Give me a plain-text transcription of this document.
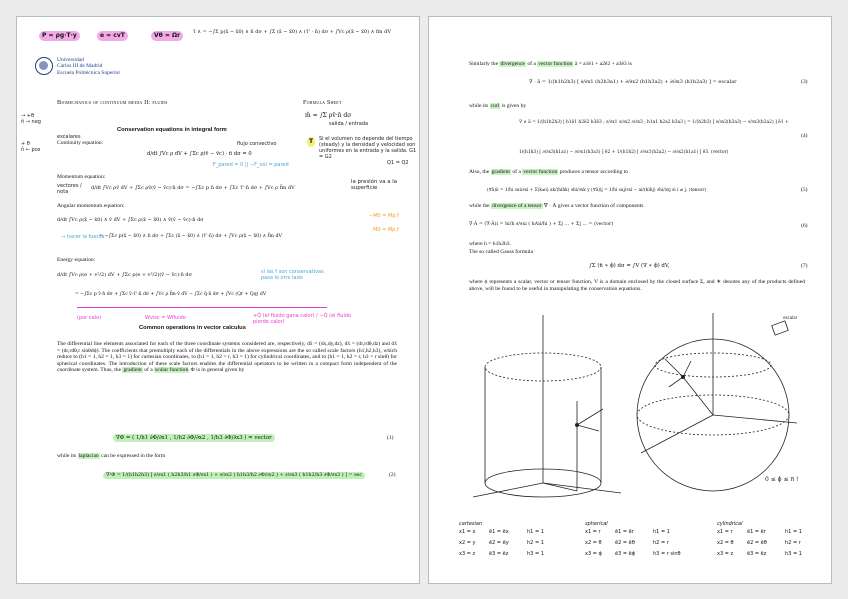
P = ρg·T·y	e = cvT	Vθ = Ωr	τ̄ ∧ = −∫Σ p(x̄ − x̄0) ∧ n̄ dσ + ∫Σ (x̄ − x̄0) ∧ (τ̄' · n̄) dσ + ∫Vc ρ(x̄ − x̄0) ∧ f̄m dV
Universidad
Carlos III de Madrid
Escuela Politécnica Superior
→ +θ
n̂ → neg
+ θ
n̂ ← pos
Biomechanics of continuum media II: fluids	Formula Sheet
m̂ = ∫Σ ρv̄·n̄ dσ
salida / entrada
Conservation equations in integral form
escalares
Continuity equation:	flujo convectivo
d/dt ∫Vc ρ dV + ∫Σc ρ(v̄ − v̄c) · n̄ dσ = 0
F_pared = 0 || −F_vol = pared
T	Si el volumen no depende del tiempo (steady) y la densidad y velocidad son uniformes en la entrada y la salida. G1 = G2
Q1 = Q2
Momentum equation:
vectores / nota
d/dt ∫Vc ρv̄ dV + ∫Σc ρv̄(v̄ − v̄c)·n̄ dσ = −∫Σc p n̄ dσ + ∫Σc τ̄'·n̄ dσ + ∫Vc ρ f̄m dV
la presión va a la superficie
Angular momentum equation:
d/dt ∫Vc ρ(x̄ − x̄0) ∧ v̄ dV + ∫Σc ρ(x̄ − x̄0) ∧ v̄(v̄ − v̄c)·n̄ dσ
→ hacer la fuerza
= −∫Σc p(x̄ − x̄0) ∧ n̄ dσ + ∫Σc (x̄ − x̄0) ∧ (τ̄'·n̄) dσ + ∫Vc ρ(x̄ − x̄0) ∧ f̄m dV
−M0 = Mp,f
M0 = Mp,f
Energy equation:
d/dt ∫Vc ρ(e + v²/2) dV + ∫Σc ρ(e + v²/2)(v̄ − v̄c)·n̄ dσ	si las f son conservativas pasa lo otro lado
= −∫Σc p v̄·n̄ dσ + ∫Σc v̄·τ̄'·n̄ dσ + ∫Vc ρ f̄m·v̄ dV − ∫Σc q̄·n̄ dσ + ∫Vc (Qr + Qq) dV
(por calo)	Wvisc = Wfluido	+Q̇ (el fluido gana calor) / −Q̇ (el fluido pierde calor)
Common operations in vector calculus
The differential line elements associated for each of the three coordinate systems considered are, respectively, dx̄ = (dx,dy,dz), dx̄ = (dr,rdθ,dz) and dx̄ = (dr,rdθ,r sinθdϕ). The coefficients that premultiply each of the differentials in the above expressions are the so called scale factors (h1,h2,h3), which reduce to (h1 = 1, h2 = 1, h3 = 1) for cartesian coordinates, to (h1 = 1, h2 = r, h3 = 1) for cylindrical coordinates, and to (h1 = 1, h2 = r, h3 = r sinθ) for spherical coordinates. The introduction of these scale factors enables the differential operators to be written in a compact form independent of the coordinate system. Thus, the gradient of a scalar function Φ is in general given by
∇Φ = ( 1/h1 ∂Φ/∂x1 , 1/h2 ∂Φ/∂x2 , 1/h3 ∂Φ/∂x3 ) = vector	(1)
while its laplacian can be expressed in the form
∇²Φ = 1/(h1h2h3) [ ∂/∂x1 ( h2h3/h1 ∂Φ/∂x1 ) + ∂/∂x2 ( h1h3/h2 ∂Φ/∂x2 ) + ∂/∂x3 ( h1h2/h3 ∂Φ/∂x3 ) ] = esc	(2)
Similarly the divergence of a vector function ā = a1ê1 + a2ê2 + a3ê3 is
∇ · ā = 1/(h1h2h3) [ ∂/∂x1 (h2h3a1) + ∂/∂x2 (h1h3a2) + ∂/∂x3 (h1h2a3) ] = escalar	(3)
while its curl is given by
∇ ∧ ā = 1/(h1h2h3) | h1ê1 h2ê2 h3ê3 ; ∂/∂x1 ∂/∂x2 ∂/∂x3 ; h1a1 h2a2 h3a3 | = 1/(h2h3) [ ∂/∂x2(h3a3) − ∂/∂x3(h2a2) ] ê1 +
(4)
1/(h1h3) [ ∂/∂x3(h1a1) − ∂/∂x1(h3a3) ] ê2 + 1/(h1h2) [ ∂/∂x1(h2a2) − ∂/∂x2(h1a1) ] ê3. (vector)
Also, the gradient of a vector function produces a tensor according to
(∇ā)ii = 1/hi ∂ai/∂xi + Σ(k≠i) ak/(hihk) ∂hi/∂xk y (∇ā)ij = 1/hi ∂aj/∂xi − ai/(hihj) ∂hi/∂xj si i ≠ j, (tensor)	(5)
while the divergence of a tensor ∇ · Ā gives a vector function of components
∇·Ā = (∇·Ā)i = hi/h ∂/∂xi ( hAii/hi ) + Σj ... + Σj ... = (vector)	(6)
where h = h1h2h3.
The so called Gauss formula
∫Σ (n̄ ∗ ϕ) dσ = ∫V (∇ ∗ ϕ) dV,	(7)
where ϕ represents a scalar, vector or tensor function, V is a domain enclosed by the closed surface Σ, and ∗ denotes any of the products defined above, will be found to be useful in manipulating the conservation equations.
0 ≤ ϕ ≤ π !
escalar
cartesian
x1 = x	ē1 = ēx	h1 = 1
x2 = y	ē2 = ēy	h2 = 1
x3 = z	ē3 = ēz	h3 = 1
spherical
x1 = r	ē1 = ēr	h1 = 1
x2 = θ	ē2 = ēθ	h2 = r
x3 = ϕ	ē3 = ēϕ	h3 = r sinθ
cylindrical
x1 = r	ē1 = ēr	h1 = 1
x2 = θ	ē2 = ēθ	h2 = r
x3 = z	ē3 = ēz	h3 = 1
